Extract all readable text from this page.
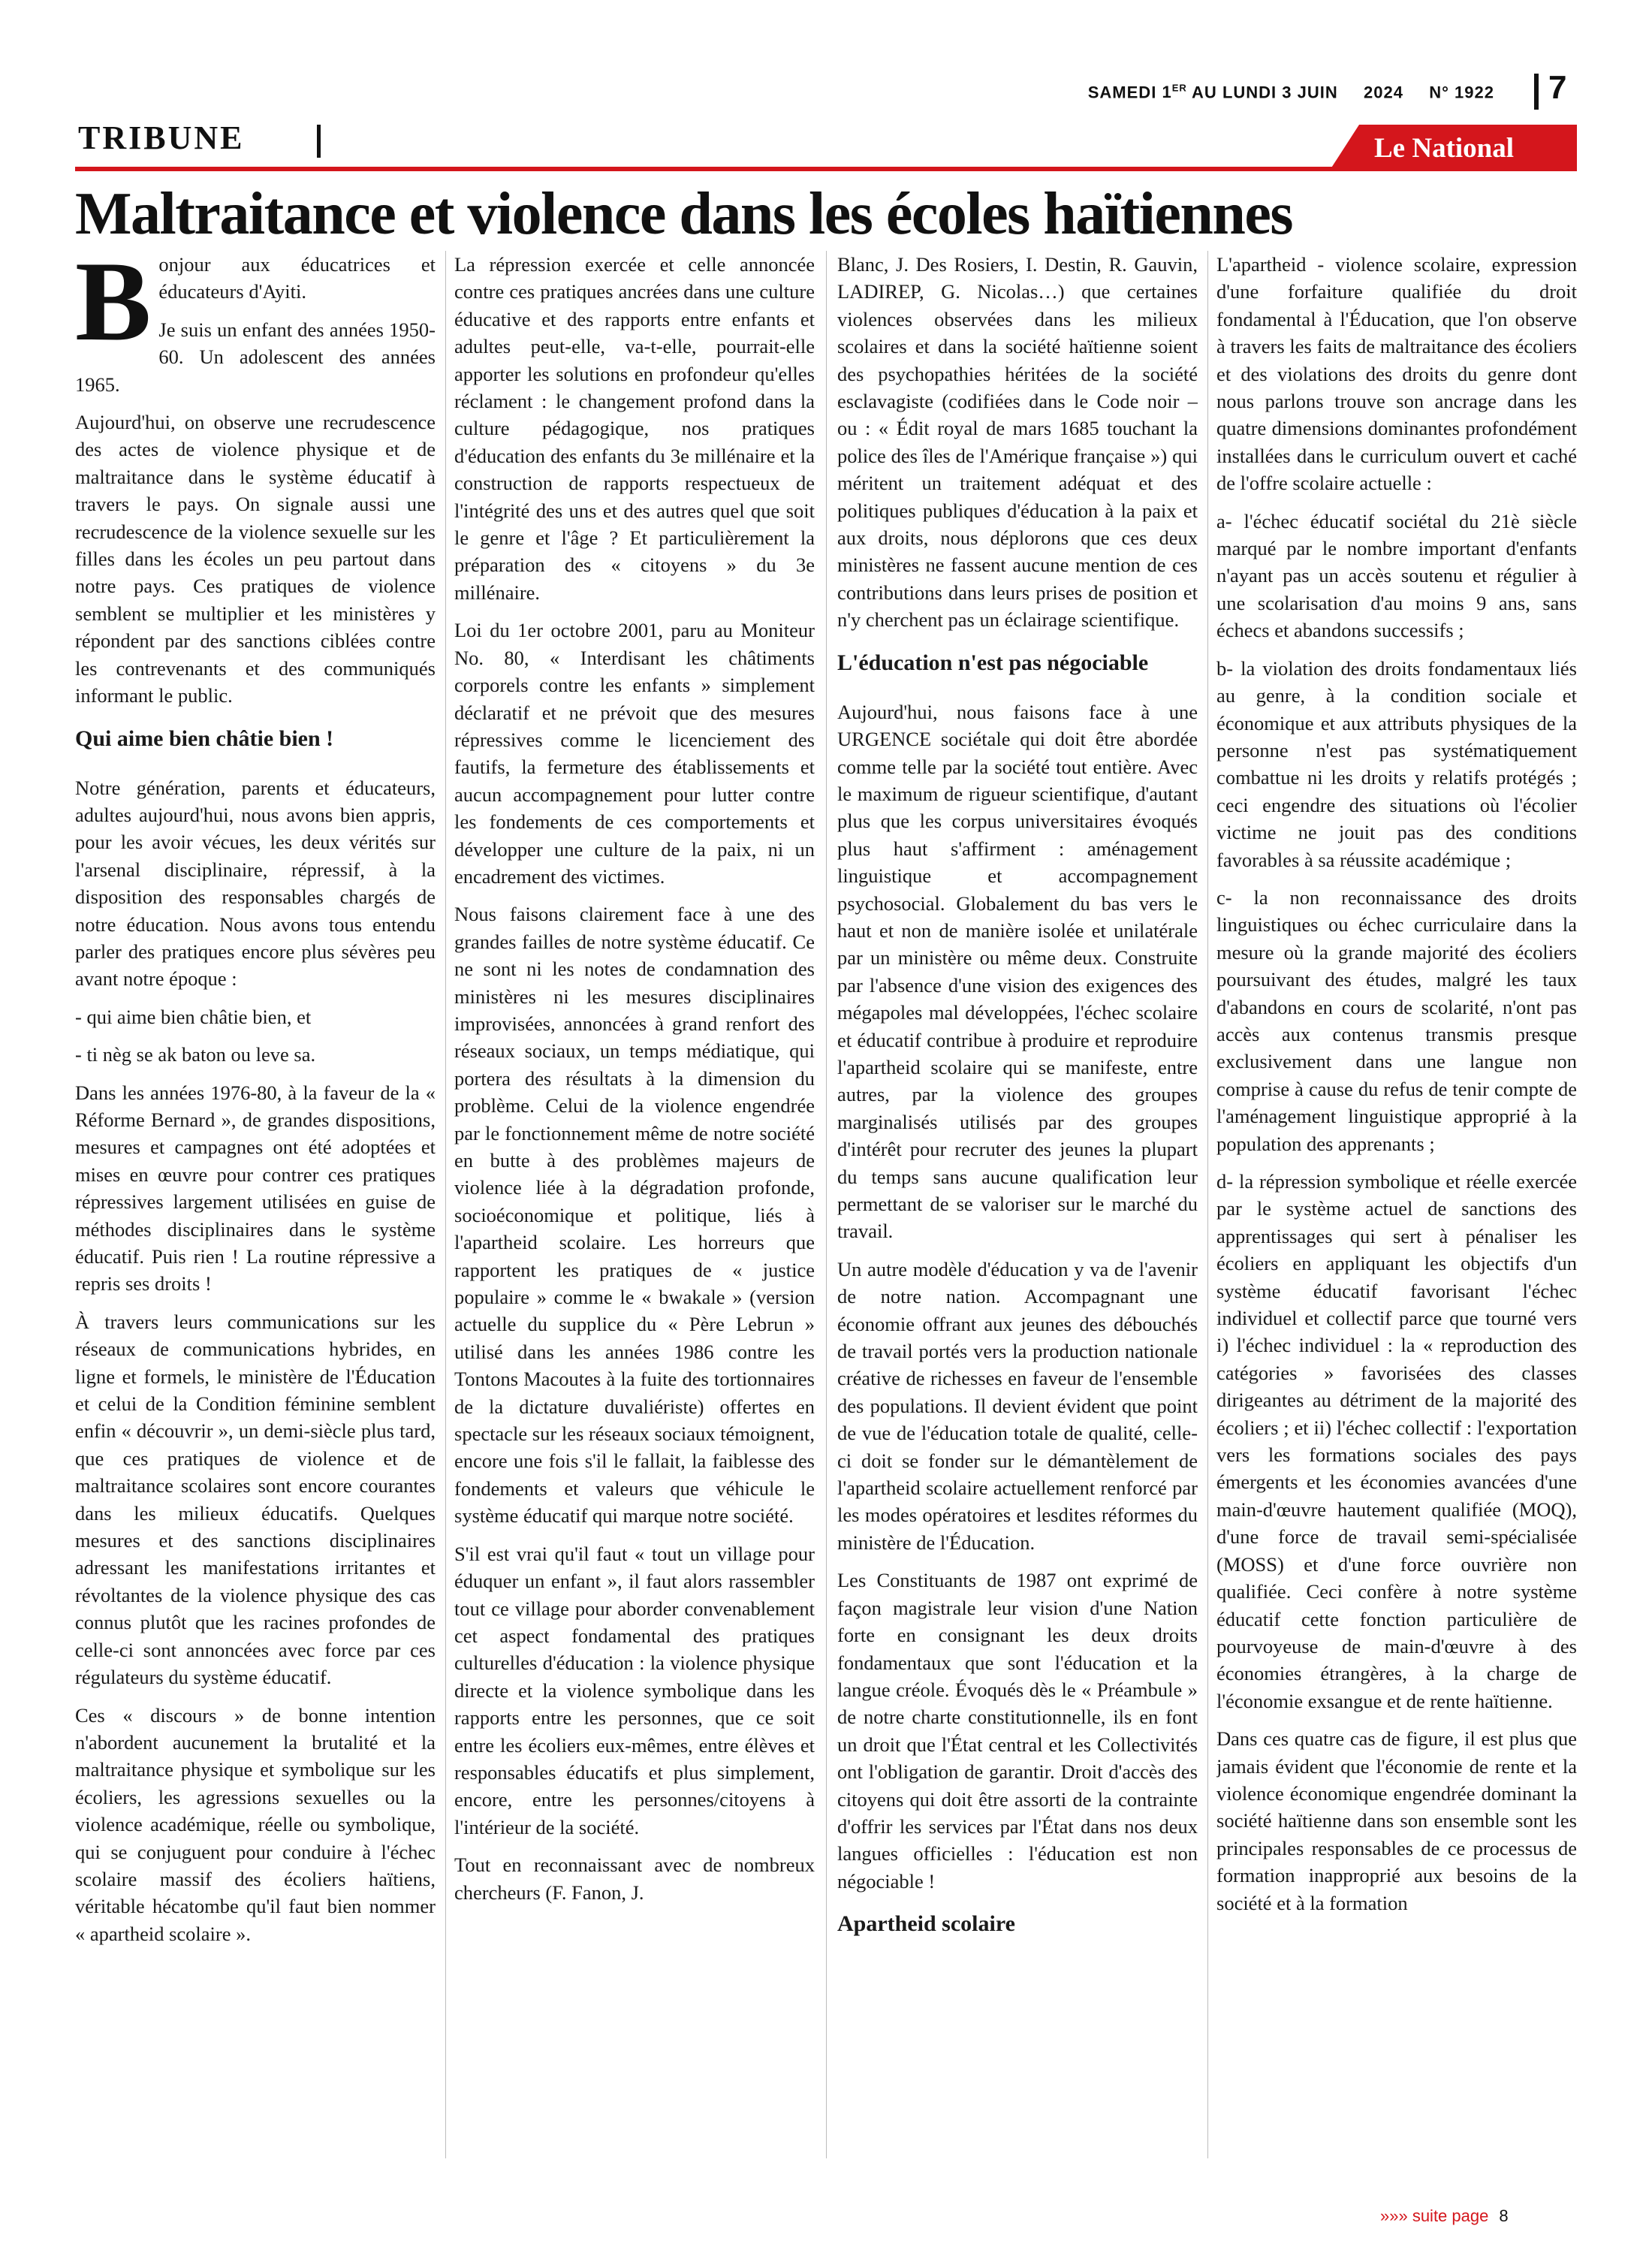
SAMEDI 1ER AU LUNDI 3 JUIN 2024 N° 1922 7
TRIBUNE	Le National
Maltraitance et violence dans les écoles haïtiennes

Bonjour aux éducatrices et éducateurs d'Ayiti.

Je suis un enfant des années 1950-60. Un adolescent des années 1965.

Aujourd'hui, on observe une recrudescence des actes de violence physique et de maltraitance dans le système éducatif à travers le pays. On signale aussi une recrudescence de la violence sexuelle sur les filles dans les écoles un peu partout dans notre pays. Ces pratiques de violence semblent se multiplier et les ministères y répondent par des sanctions ciblées contre les contrevenants et des communiqués informant le public.

Qui aime bien châtie bien !

Notre génération, parents et éducateurs, adultes aujourd'hui, nous avons bien appris, pour les avoir vécues, les deux vérités sur l'arsenal disciplinaire, répressif, à la disposition des responsables chargés de notre éducation. Nous avons tous entendu parler des pratiques encore plus sévères peu avant notre époque :

- qui aime bien châtie bien, et

- ti nèg se ak baton ou leve sa.

Dans les années 1976-80, à la faveur de la « Réforme Bernard », de grandes dispositions, mesures et campagnes ont été adoptées et mises en œuvre pour contrer ces pratiques répressives largement utilisées en guise de méthodes disciplinaires dans le système éducatif. Puis rien ! La routine répressive a repris ses droits !

À travers leurs communications sur les réseaux de communications hybrides, en ligne et formels, le ministère de l'Éducation et celui de la Condition féminine semblent enfin « découvrir », un demi-siècle plus tard, que ces pratiques de violence et de maltraitance scolaires sont encore courantes dans les milieux éducatifs. Quelques mesures et des sanctions disciplinaires adressant les manifestations irritantes et révoltantes de la violence physique des cas connus plutôt que les racines profondes de celle-ci sont annoncées avec force par ces régulateurs du système éducatif.

Ces « discours » de bonne intention n'abordent aucunement la brutalité et la maltraitance physique et symbolique sur les écoliers, les agressions sexuelles ou la violence académique, réelle ou symbolique, qui se conjuguent pour conduire à l'échec scolaire massif des écoliers haïtiens, véritable hécatombe qu'il faut bien nommer « apartheid scolaire ».

La répression exercée et celle annoncée contre ces pratiques ancrées dans une culture éducative et des rapports entre enfants et adultes peut-elle, va-t-elle, pourrait-elle apporter les solutions en profondeur qu'elles réclament : le changement profond dans la culture pédagogique, nos pratiques d'éducation des enfants du 3e millénaire et la construction de rapports respectueux de l'intégrité des uns et des autres quel que soit le genre et l'âge ? Et particulièrement la préparation des « citoyens » du 3e millénaire.

Loi du 1er octobre 2001, paru au Moniteur No. 80, « Interdisant les châtiments corporels contre les enfants » simplement déclaratif et ne prévoit que des mesures répressives comme le licenciement des fautifs, la fermeture des établissements et aucun accompagnement pour lutter contre les fondements de ces comportements et développer une culture de la paix, ni un encadrement des victimes.

Nous faisons clairement face à une des grandes failles de notre système éducatif. Ce ne sont ni les notes de condamnation des ministères ni les mesures disciplinaires improvisées, annoncées à grand renfort des réseaux sociaux, un temps médiatique, qui portera des résultats à la dimension du problème. Celui de la violence engendrée par le fonctionnement même de notre société en butte à des problèmes majeurs de violence liée à la dégradation profonde, socioéconomique et politique, liés à l'apartheid scolaire. Les horreurs que rapportent les pratiques de « justice populaire » comme le « bwakale » (version actuelle du supplice du « Père Lebrun » utilisé dans les années 1986 contre les Tontons Macoutes à la fuite des tortionnaires de la dictature duvaliériste) offertes en spectacle sur les réseaux sociaux témoignent, encore une fois s'il le fallait, la faiblesse des fondements et valeurs que véhicule le système éducatif qui marque notre société.

S'il est vrai qu'il faut « tout un village pour éduquer un enfant », il faut alors rassembler tout ce village pour aborder convenablement cet aspect fondamental des pratiques culturelles d'éducation : la violence physique directe et la violence symbolique dans les rapports entre les personnes, que ce soit entre les écoliers eux-mêmes, entre élèves et responsables éducatifs et plus simplement, encore, entre les personnes/citoyens à l'intérieur de la société.

Tout en reconnaissant avec de nombreux chercheurs (F. Fanon, J.

Blanc, J. Des Rosiers, I. Destin, R. Gauvin, LADIREP, G. Nicolas…) que certaines violences observées dans les milieux scolaires et dans la société haïtienne soient des psychopathies héritées de la société esclavagiste (codifiées dans le Code noir – ou : « Édit royal de mars 1685 touchant la police des îles de l'Amérique française ») qui méritent un traitement adéquat et des politiques publiques d'éducation à la paix et aux droits, nous déplorons que ces deux ministères ne fassent aucune mention de ces contributions dans leurs prises de position et n'y cherchent pas un éclairage scientifique.

L'éducation n'est pas négociable

Aujourd'hui, nous faisons face à une URGENCE sociétale qui doit être abordée comme telle par la société tout entière. Avec le maximum de rigueur scientifique, d'autant plus que les corpus universitaires évoqués plus haut s'affirment : aménagement linguistique et accompagnement psychosocial. Globalement du bas vers le haut et non de manière isolée et unilatérale par un ministère ou même deux. Construite par l'absence d'une vision des exigences des mégapoles mal développées, l'échec scolaire et éducatif contribue à produire et reproduire l'apartheid scolaire qui se manifeste, entre autres, par la violence des groupes marginalisés utilisés par des groupes d'intérêt pour recruter des jeunes la plupart du temps sans aucune qualification leur permettant de se valoriser sur le marché du travail.

Un autre modèle d'éducation y va de l'avenir de notre nation. Accompagnant une économie offrant aux jeunes des débouchés de travail portés vers la production nationale créative de richesses en faveur de l'ensemble des populations. Il devient évident que point de vue de l'éducation totale de qualité, celle-ci doit se fonder sur le démantèlement de l'apartheid scolaire actuellement renforcé par les modes opératoires et lesdites réformes du ministère de l'Éducation.

Les Constituants de 1987 ont exprimé de façon magistrale leur vision d'une Nation forte en consignant les deux droits fondamentaux que sont l'éducation et la langue créole. Évoqués dès le « Préambule » de notre charte constitutionnelle, ils en font un droit que l'État central et les Collectivités ont l'obligation de garantir. Droit d'accès des citoyens qui doit être assorti de la contrainte d'offrir les services par l'État dans nos deux langues officielles : l'éducation est non négociable !

Apartheid scolaire

L'apartheid - violence scolaire, expression d'une forfaiture qualifiée du droit fondamental à l'Éducation, que l'on observe à travers les faits de maltraitance des écoliers et des violations des droits du genre dont nous parlons trouve son ancrage dans les quatre dimensions dominantes profondément installées dans le curriculum ouvert et caché de l'offre scolaire actuelle :

a- l'échec éducatif sociétal du 21è siècle marqué par le nombre important d'enfants n'ayant pas un accès soutenu et régulier à une scolarisation d'au moins 9 ans, sans échecs et abandons successifs ;

b- la violation des droits fondamentaux liés au genre, à la condition sociale et économique et aux attributs physiques de la personne n'est pas systématiquement combattue ni les droits y relatifs protégés ; ceci engendre des situations où l'écolier victime ne jouit pas des conditions favorables à sa réussite académique ;

c- la non reconnaissance des droits linguistiques ou échec curriculaire dans la mesure où la grande majorité des écoliers poursuivant des études, malgré les taux d'abandons en cours de scolarité, n'ont pas accès aux contenus transmis presque exclusivement dans une langue non comprise à cause du refus de tenir compte de l'aménagement linguistique approprié à la population des apprenants ;

d- la répression symbolique et réelle exercée par le système actuel de sanctions des apprentissages qui sert à pénaliser les écoliers en appliquant les objectifs d'un système éducatif favorisant l'échec individuel et collectif parce que tourné vers i) l'échec individuel : la « reproduction des catégories » favorisées des classes dirigeantes au détriment de la majorité des écoliers ; et ii) l'échec collectif : l'exportation vers les formations sociales des pays émergents et les économies avancées d'une main-d'œuvre hautement qualifiée (MOQ), d'une force de travail semi-spécialisée (MOSS) et d'une force ouvrière non qualifiée. Ceci confère à notre système éducatif cette fonction particulière de pourvoyeuse de main-d'œuvre à des économies étrangères, à la charge de l'économie exsangue et de rente haïtienne.

Dans ces quatre cas de figure, il est plus que jamais évident que l'économie de rente et la violence économique engendrée dominant la société haïtienne dans son ensemble sont les principales responsables de ce processus de formation inapproprié aux besoins de la société et à la formation

»»» suite page 8
